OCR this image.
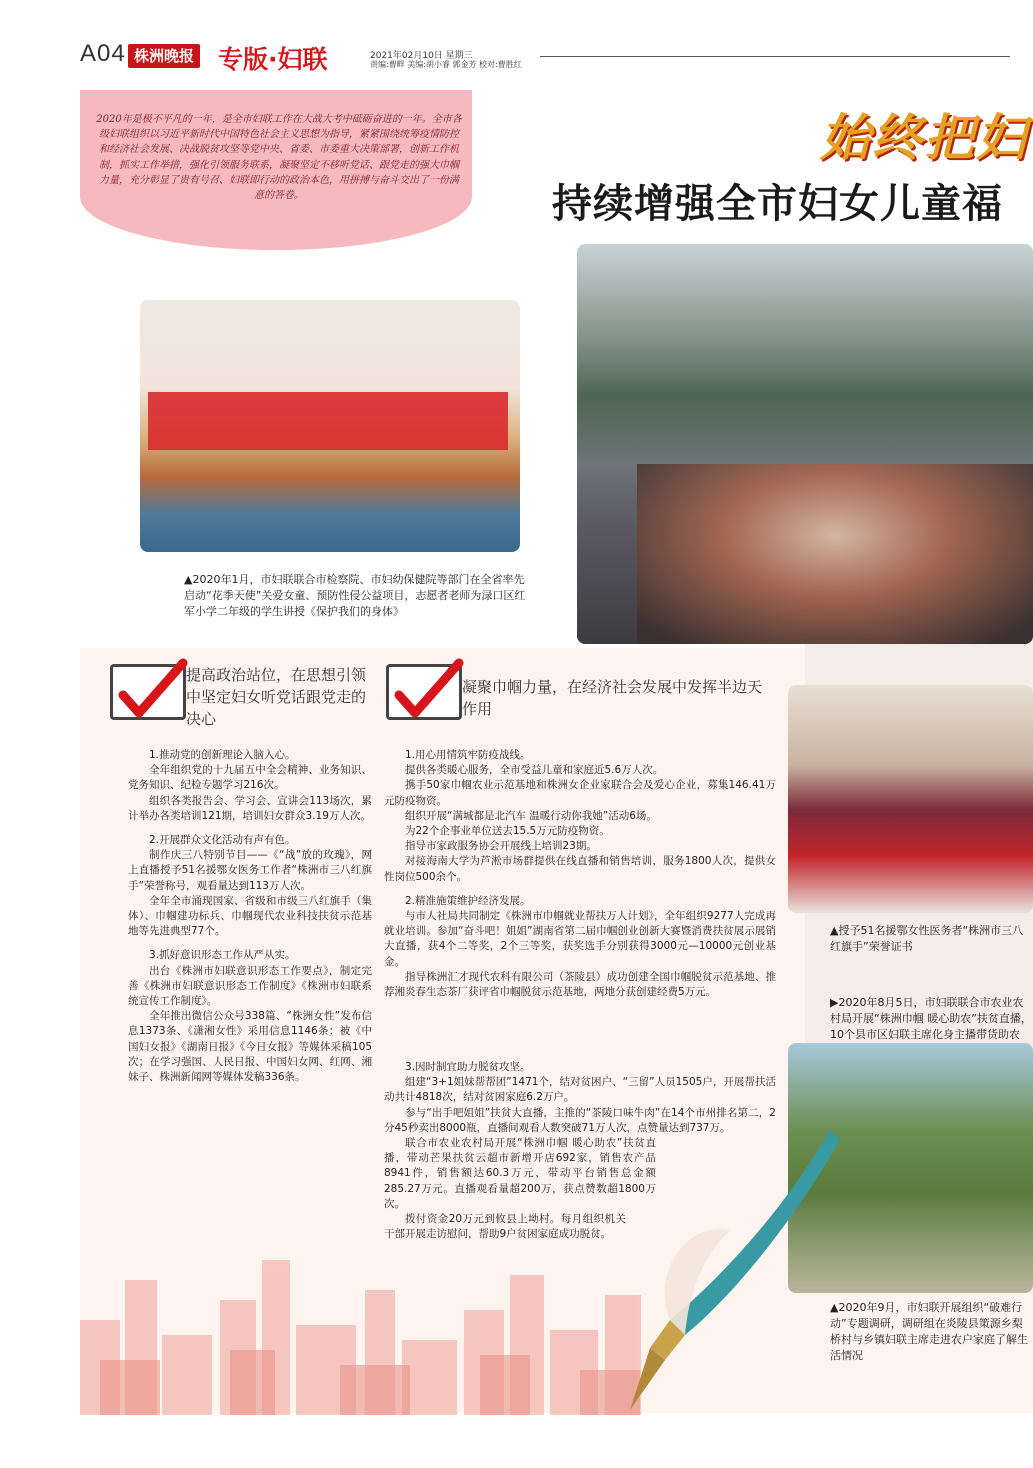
A04 株洲晚报 专版·妇联	2021年02月10日 星期三
责编:曹畔 美编:胡小睿 郭金芳 校对:曹胜红
2020年是极不平凡的一年，是全市妇联工作在大战大考中砥砺奋进的一年。全市各级妇联组织以习近平新时代中国特色社会主义思想为指导，紧紧围绕统筹疫情防控和经济社会发展、决战脱贫攻坚等党中央、省委、市委重大决策部署，创新工作机制，抓实工作举措，强化引领服务联系，凝聚坚定不移听党话、跟党走的强大巾帼力量，充分彰显了贵有号召、妇联即行动的政治本色，用拼搏与奋斗交出了一份满意的答卷。
始终把妇
持续增强全市妇女儿童福
▲2020年1月，市妇联联合市检察院、市妇幼保健院等部门在全省率先启动“花季天使”关爱女童、预防性侵公益项目，志愿者老师为渌口区红军小学二年级的学生讲授《保护我们的身体》
▲授予51名援鄂女性医务者“株洲市三八红旗手”荣誉证书
▶2020年8月5日，市妇联联合市农业农村局开展“株洲巾帼 暖心助农”扶贫直播，10个县市区妇联主席化身主播带货助农
▲2020年9月，市妇联开展组织“破难行动”专题调研，调研组在炎陵县策源乡梨桥村与乡镇妇联主席走进农户家庭了解生活情况
提高政治站位，在思想引领中坚定妇女听党话跟党走的决心
凝聚巾帼力量，在经济社会发展中发挥半边天作用

1.推动党的创新理论入脑入心。

全年组织党的十九届五中全会精神、业务知识、党务知识、纪检专题学习216次。

组织各类报告会、学习会、宣讲会113场次，累计举办各类培训121期，培训妇女群众3.19万人次。

2.开展群众文化活动有声有色。

制作庆三八特别节目——《“战”放的玫瑰》，网上直播授予51名援鄂女医务工作者“株洲市三八红旗手”荣誉称号，观看量达到113万人次。

全年全市涌现国家、省级和市级三八红旗手（集体）、巾帼建功标兵、巾帼现代农业科技扶贫示范基地等先进典型77个。

3.抓好意识形态工作从严从实。

出台《株洲市妇联意识形态工作要点》，制定完善《株洲市妇联意识形态工作制度》《株洲市妇联系统宣传工作制度》。

全年推出微信公众号338篇、“株洲女性”发布信息1373条、《潇湘女性》采用信息1146条；被《中国妇女报》《湖南日报》《今日女报》等媒体采稿105次；在学习强国、人民日报、中国妇女网、红网、湘妹子、株洲新闻网等媒体发稿336条。

1.用心用情筑牢防疫战线。

提供各类暖心服务，全市受益儿童和家庭近5.6万人次。

携手50家巾帼农业示范基地和株洲女企业家联合会及爱心企业，募集146.41万元防疫物资。

组织开展“满城都是北汽车 温暖行动你我她”活动6场。

为22个企事业单位送去15.5万元防疫物资。

指导市家政服务协会开展线上培训23期。

对接海南大学为芦淞市场群提供在线直播和销售培训，服务1800人次，提供女性岗位500余个。

2.精准施策维护经济发展。

与市人社局共同制定《株洲市巾帼就业帮扶万人计划》，全年组织9277人完成再就业培训。参加“奋斗吧！姐姐”湖南省第二届巾帼创业创新大赛暨消费扶贫展示展销大直播，获4个二等奖，2个三等奖，获奖选手分别获得3000元—10000元创业基金。

指导株洲汇才现代农科有限公司（茶陵县）成功创建全国巾帼脱贫示范基地、推荐湘炎春生态茶厂获评省巾帼脱贫示范基地，两地分获创建经费5万元。

3.因时制宜助力脱贫攻坚。

组建“3+1姐妹帮帮团”1471个，结对贫困户、“三留”人员1505户，开展帮扶活动共计4818次，结对贫困家庭6.2万户。

参与“出手吧姐姐”扶贫大直播，主推的“茶陵口味牛肉”在14个市州排名第二，2分45秒卖出8000瓶，直播间观看人数突破71万人次，点赞量达到737万。

联合市农业农村局开展“株洲巾帼 暖心助农”扶贫直播，带动芒果扶贫云超市新增开店692家，销售农产品8941件，销售额达60.3万元，带动平台销售总金额285.27万元。直播观看量超200万，获点赞数超1800万次。

拨付资金20万元到攸县上坳村。每月组织机关干部开展走访慰问，帮助9户贫困家庭成功脱贫。
